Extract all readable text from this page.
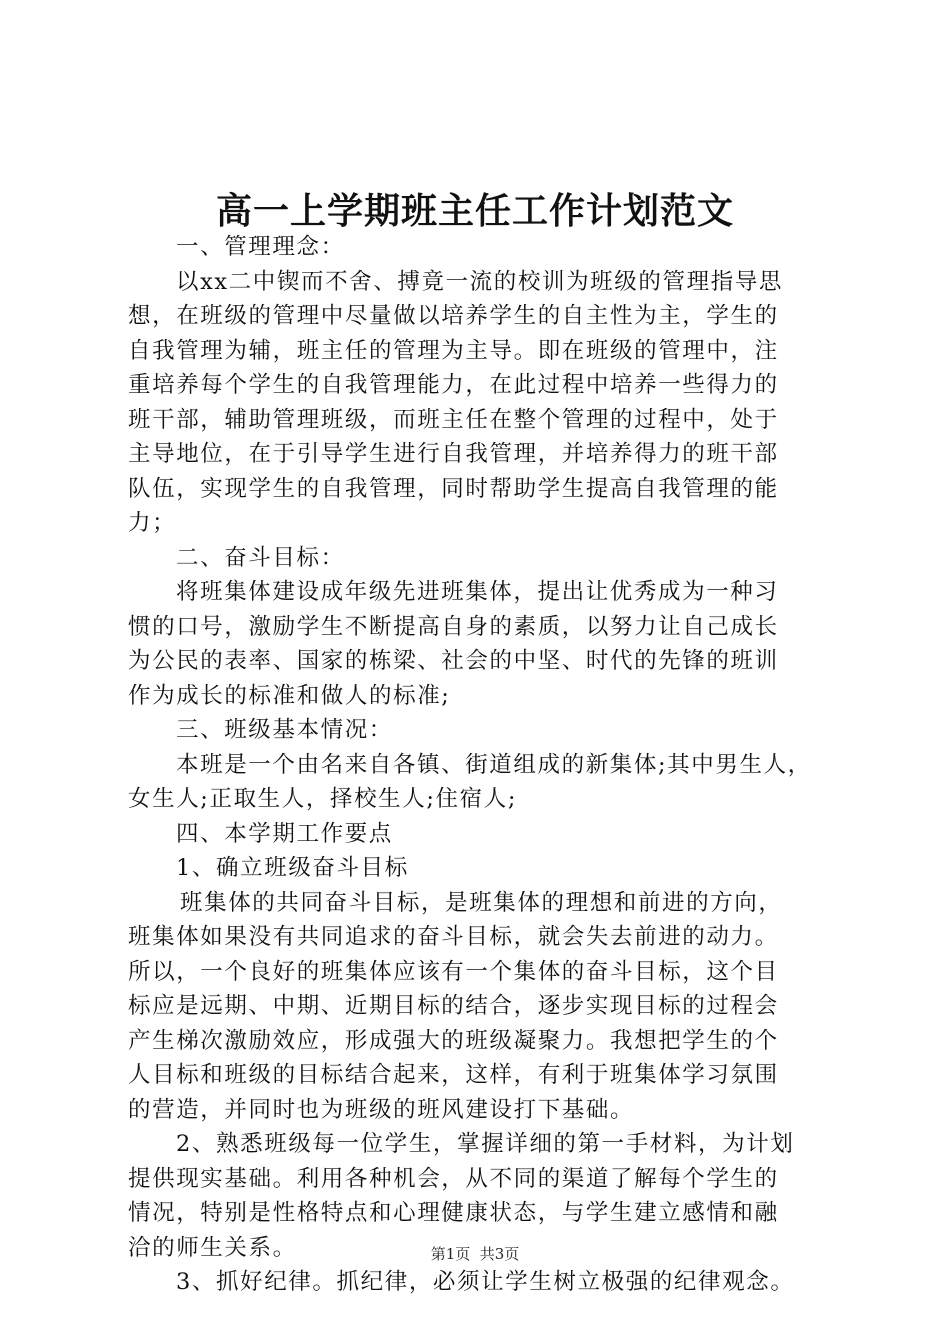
高一上学期班主任工作计划范文
一、管理理念：
以xx二中锲而不舍、搏竟一流的校训为班级的管理指导思
想，在班级的管理中尽量做以培养学生的自主性为主，学生的
自我管理为辅，班主任的管理为主导。即在班级的管理中，注
重培养每个学生的自我管理能力，在此过程中培养一些得力的
班干部，辅助管理班级，而班主任在整个管理的过程中，处于
主导地位，在于引导学生进行自我管理，并培养得力的班干部
队伍，实现学生的自我管理，同时帮助学生提高自我管理的能
力；
二、奋斗目标：
将班集体建设成年级先进班集体，提出让优秀成为一种习
惯的口号，激励学生不断提高自身的素质，以努力让自己成长
为公民的表率、国家的栋梁、社会的中坚、时代的先锋的班训
作为成长的标准和做人的标准;
三、班级基本情况：
本班是一个由名来自各镇、街道组成的新集体;其中男生人，
女生人;正取生人，择校生人;住宿人;
四、本学期工作要点
1、确立班级奋斗目标
班集体的共同奋斗目标，是班集体的理想和前进的方向，
班集体如果没有共同追求的奋斗目标，就会失去前进的动力。
所以，一个良好的班集体应该有一个集体的奋斗目标，这个目
标应是远期、中期、近期目标的结合，逐步实现目标的过程会
产生梯次激励效应，形成强大的班级凝聚力。我想把学生的个
人目标和班级的目标结合起来，这样，有利于班集体学习氛围
的营造，并同时也为班级的班风建设打下基础。
2、熟悉班级每一位学生，掌握详细的第一手材料，为计划
提供现实基础。利用各种机会，从不同的渠道了解每个学生的
情况，特别是性格特点和心理健康状态，与学生建立感情和融
洽的师生关系。
3、抓好纪律。抓纪律，必须让学生树立极强的纪律观念。
第1页  共3页
